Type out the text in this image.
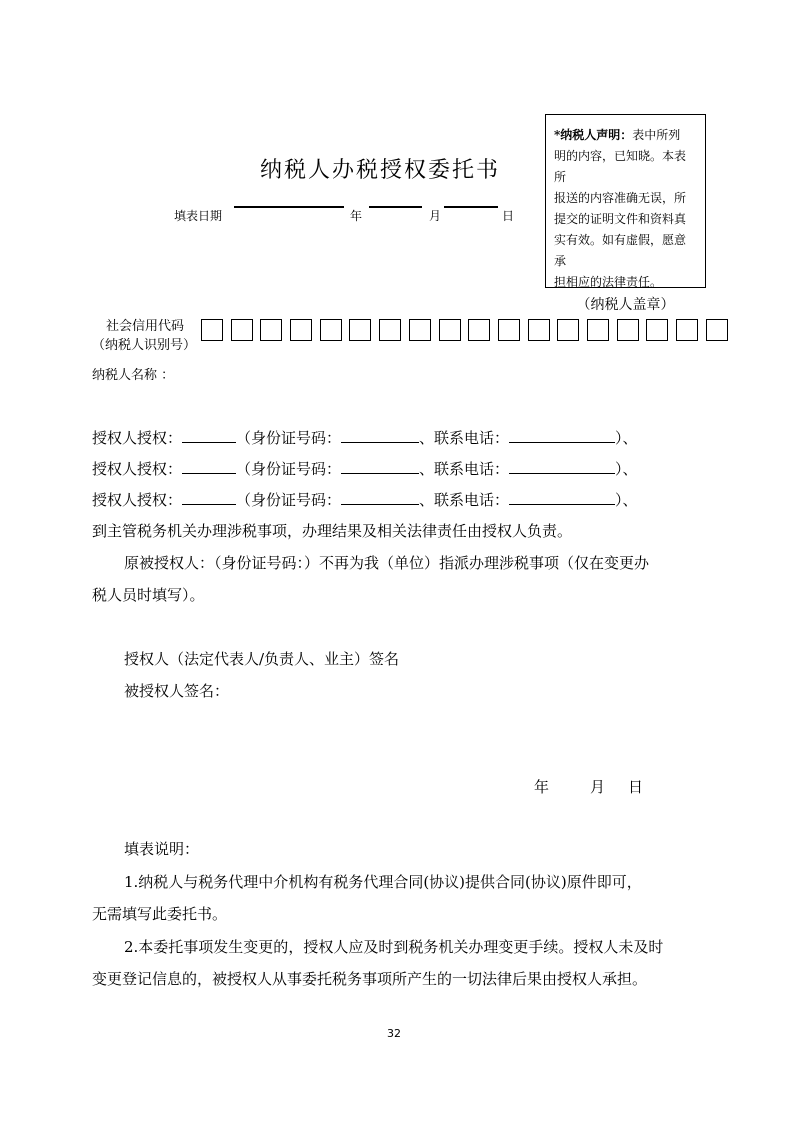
*纳税人声明：表中所列
明的内容，已知晓。本表所
报送的内容准确无误，所
提交的证明文件和资料真
实有效。如有虚假，愿意承
担相应的法律责任。
（纳税人盖章）
纳税人办税授权委托书
填表日期	年	月	日
社会信用代码
（纳税人识别号）
纳税人名称 ：
授权人授权：	（身份证号码：	、联系电话：	）、
授权人授权：	（身份证号码：	、联系电话：	）、
授权人授权：	（身份证号码：	、联系电话：	）、
到主管税务机关办理涉税事项，办理结果及相关法律责任由授权人负责。
原被授权人：（身份证号码：）不再为我（单位）指派办理涉税事项（仅在变更办
税人员时填写）。
授权人（法定代表人/负责人、业主）签名
被授权人签名：
年	月 日
填表说明：
1.纳税人与税务代理中介机构有税务代理合同(协议)提供合同(协议)原件即可，
无需填写此委托书。
2.本委托事项发生变更的，授权人应及时到税务机关办理变更手续。授权人未及时
变更登记信息的，被授权人从事委托税务事项所产生的一切法律后果由授权人承担。
32
